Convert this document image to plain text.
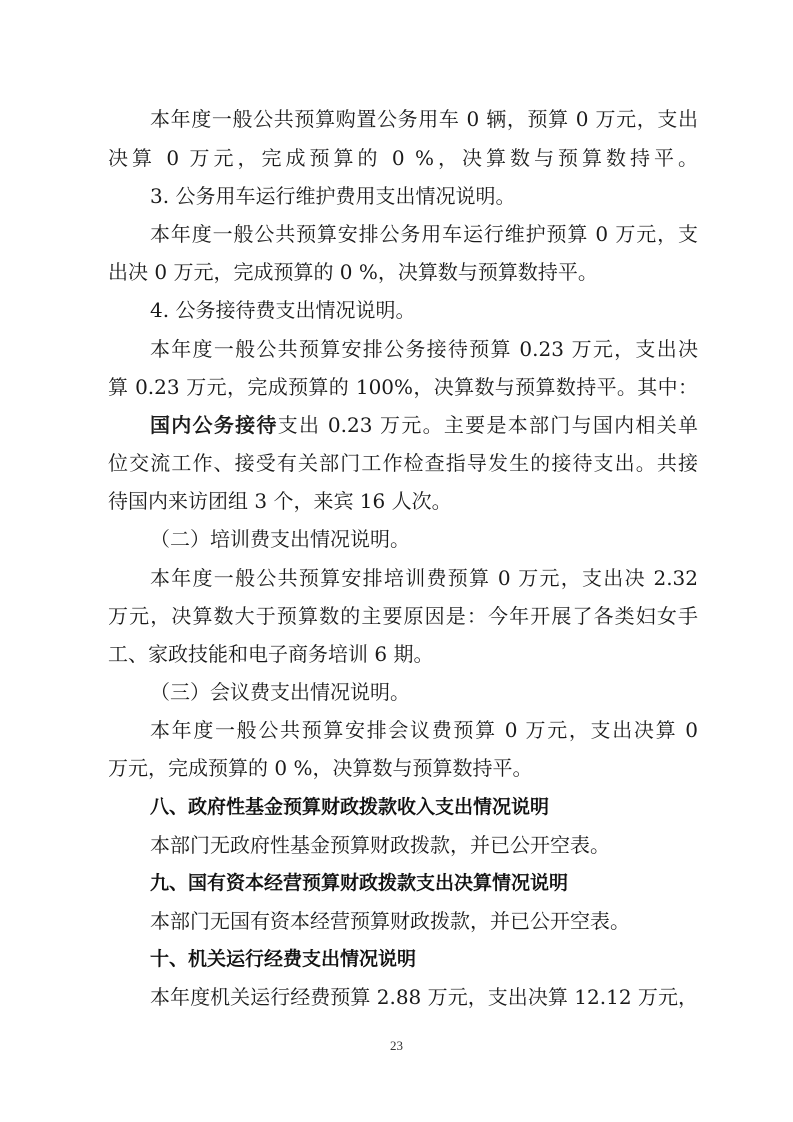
本年度一般公共预算购置公务用车 0 辆，预算 0 万元，支出
决算 0 万元，完成预算的 0 %，决算数与预算数持平。
3. 公务用车运行维护费用支出情况说明。
本年度一般公共预算安排公务用车运行维护预算 0 万元，支
出决 0 万元，完成预算的 0 %，决算数与预算数持平。
4. 公务接待费支出情况说明。
本年度一般公共预算安排公务接待预算 0.23 万元，支出决
算 0.23 万元，完成预算的 100%，决算数与预算数持平。其中：
国内公务接待支出 0.23 万元。主要是本部门与国内相关单
位交流工作、接受有关部门工作检查指导发生的接待支出。共接
待国内来访团组 3 个，来宾 16 人次。
（二）培训费支出情况说明。
本年度一般公共预算安排培训费预算 0 万元，支出决 2.32
万元，决算数大于预算数的主要原因是：今年开展了各类妇女手
工、家政技能和电子商务培训 6 期。
（三）会议费支出情况说明。
本年度一般公共预算安排会议费预算 0 万元，支出决算 0
万元，完成预算的 0 %，决算数与预算数持平。
八、政府性基金预算财政拨款收入支出情况说明
本部门无政府性基金预算财政拨款，并已公开空表。
九、国有资本经营预算财政拨款支出决算情况说明
本部门无国有资本经营预算财政拨款，并已公开空表。
十、机关运行经费支出情况说明
本年度机关运行经费预算 2.88 万元，支出决算 12.12 万元，
23
